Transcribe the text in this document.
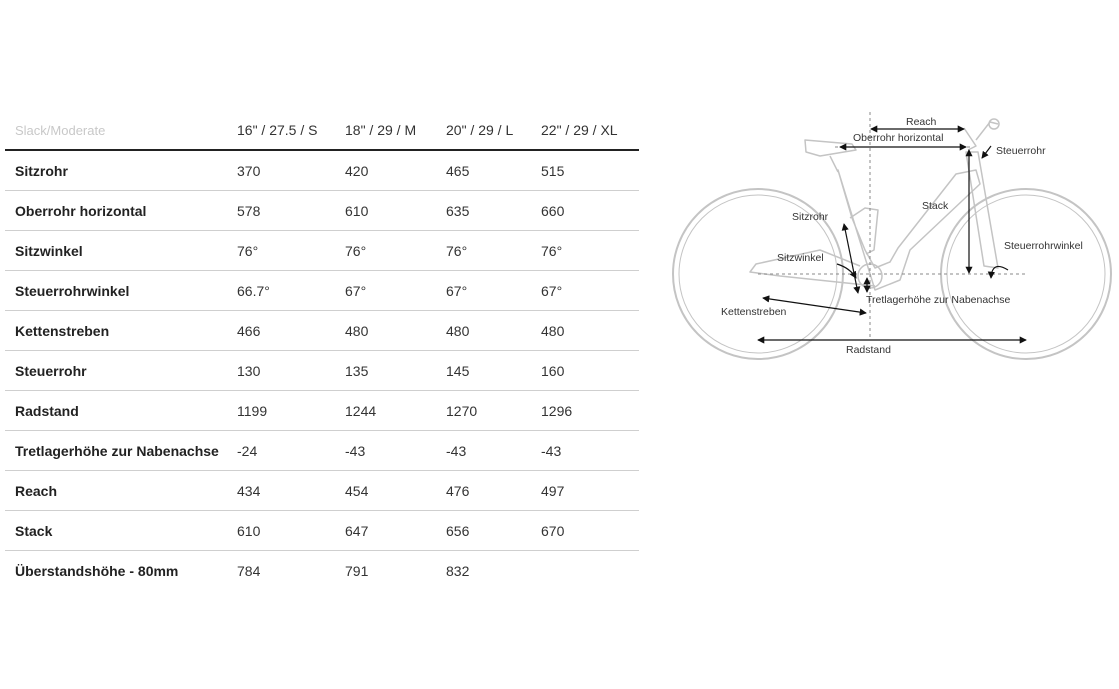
Slack/Moderate	16" / 27.5 / S	18" / 29 / M	20" / 29 / L	22" / 29 / XL
Sitzrohr	370	420	465	515
Oberrohr horizontal	578	610	635	660
Sitzwinkel	76°	76°	76°	76°
Steuerrohrwinkel	66.7°	67°	67°	67°
Kettenstreben	466	480	480	480
Steuerrohr	130	135	145	160
Radstand	1199	1244	1270	1296
Tretlagerhöhe zur Nabenachse	-24	-43	-43	-43
Reach	434	454	476	497
Stack	610	647	656	670
Überstandshöhe - 80mm	784	791	832	
Reach
Oberrohr horizontal
Steuerrohr
Stack
Sitzrohr
Steuerrohrwinkel
Sitzwinkel
Tretlagerhöhe zur Nabenachse
Kettenstreben
Radstand
